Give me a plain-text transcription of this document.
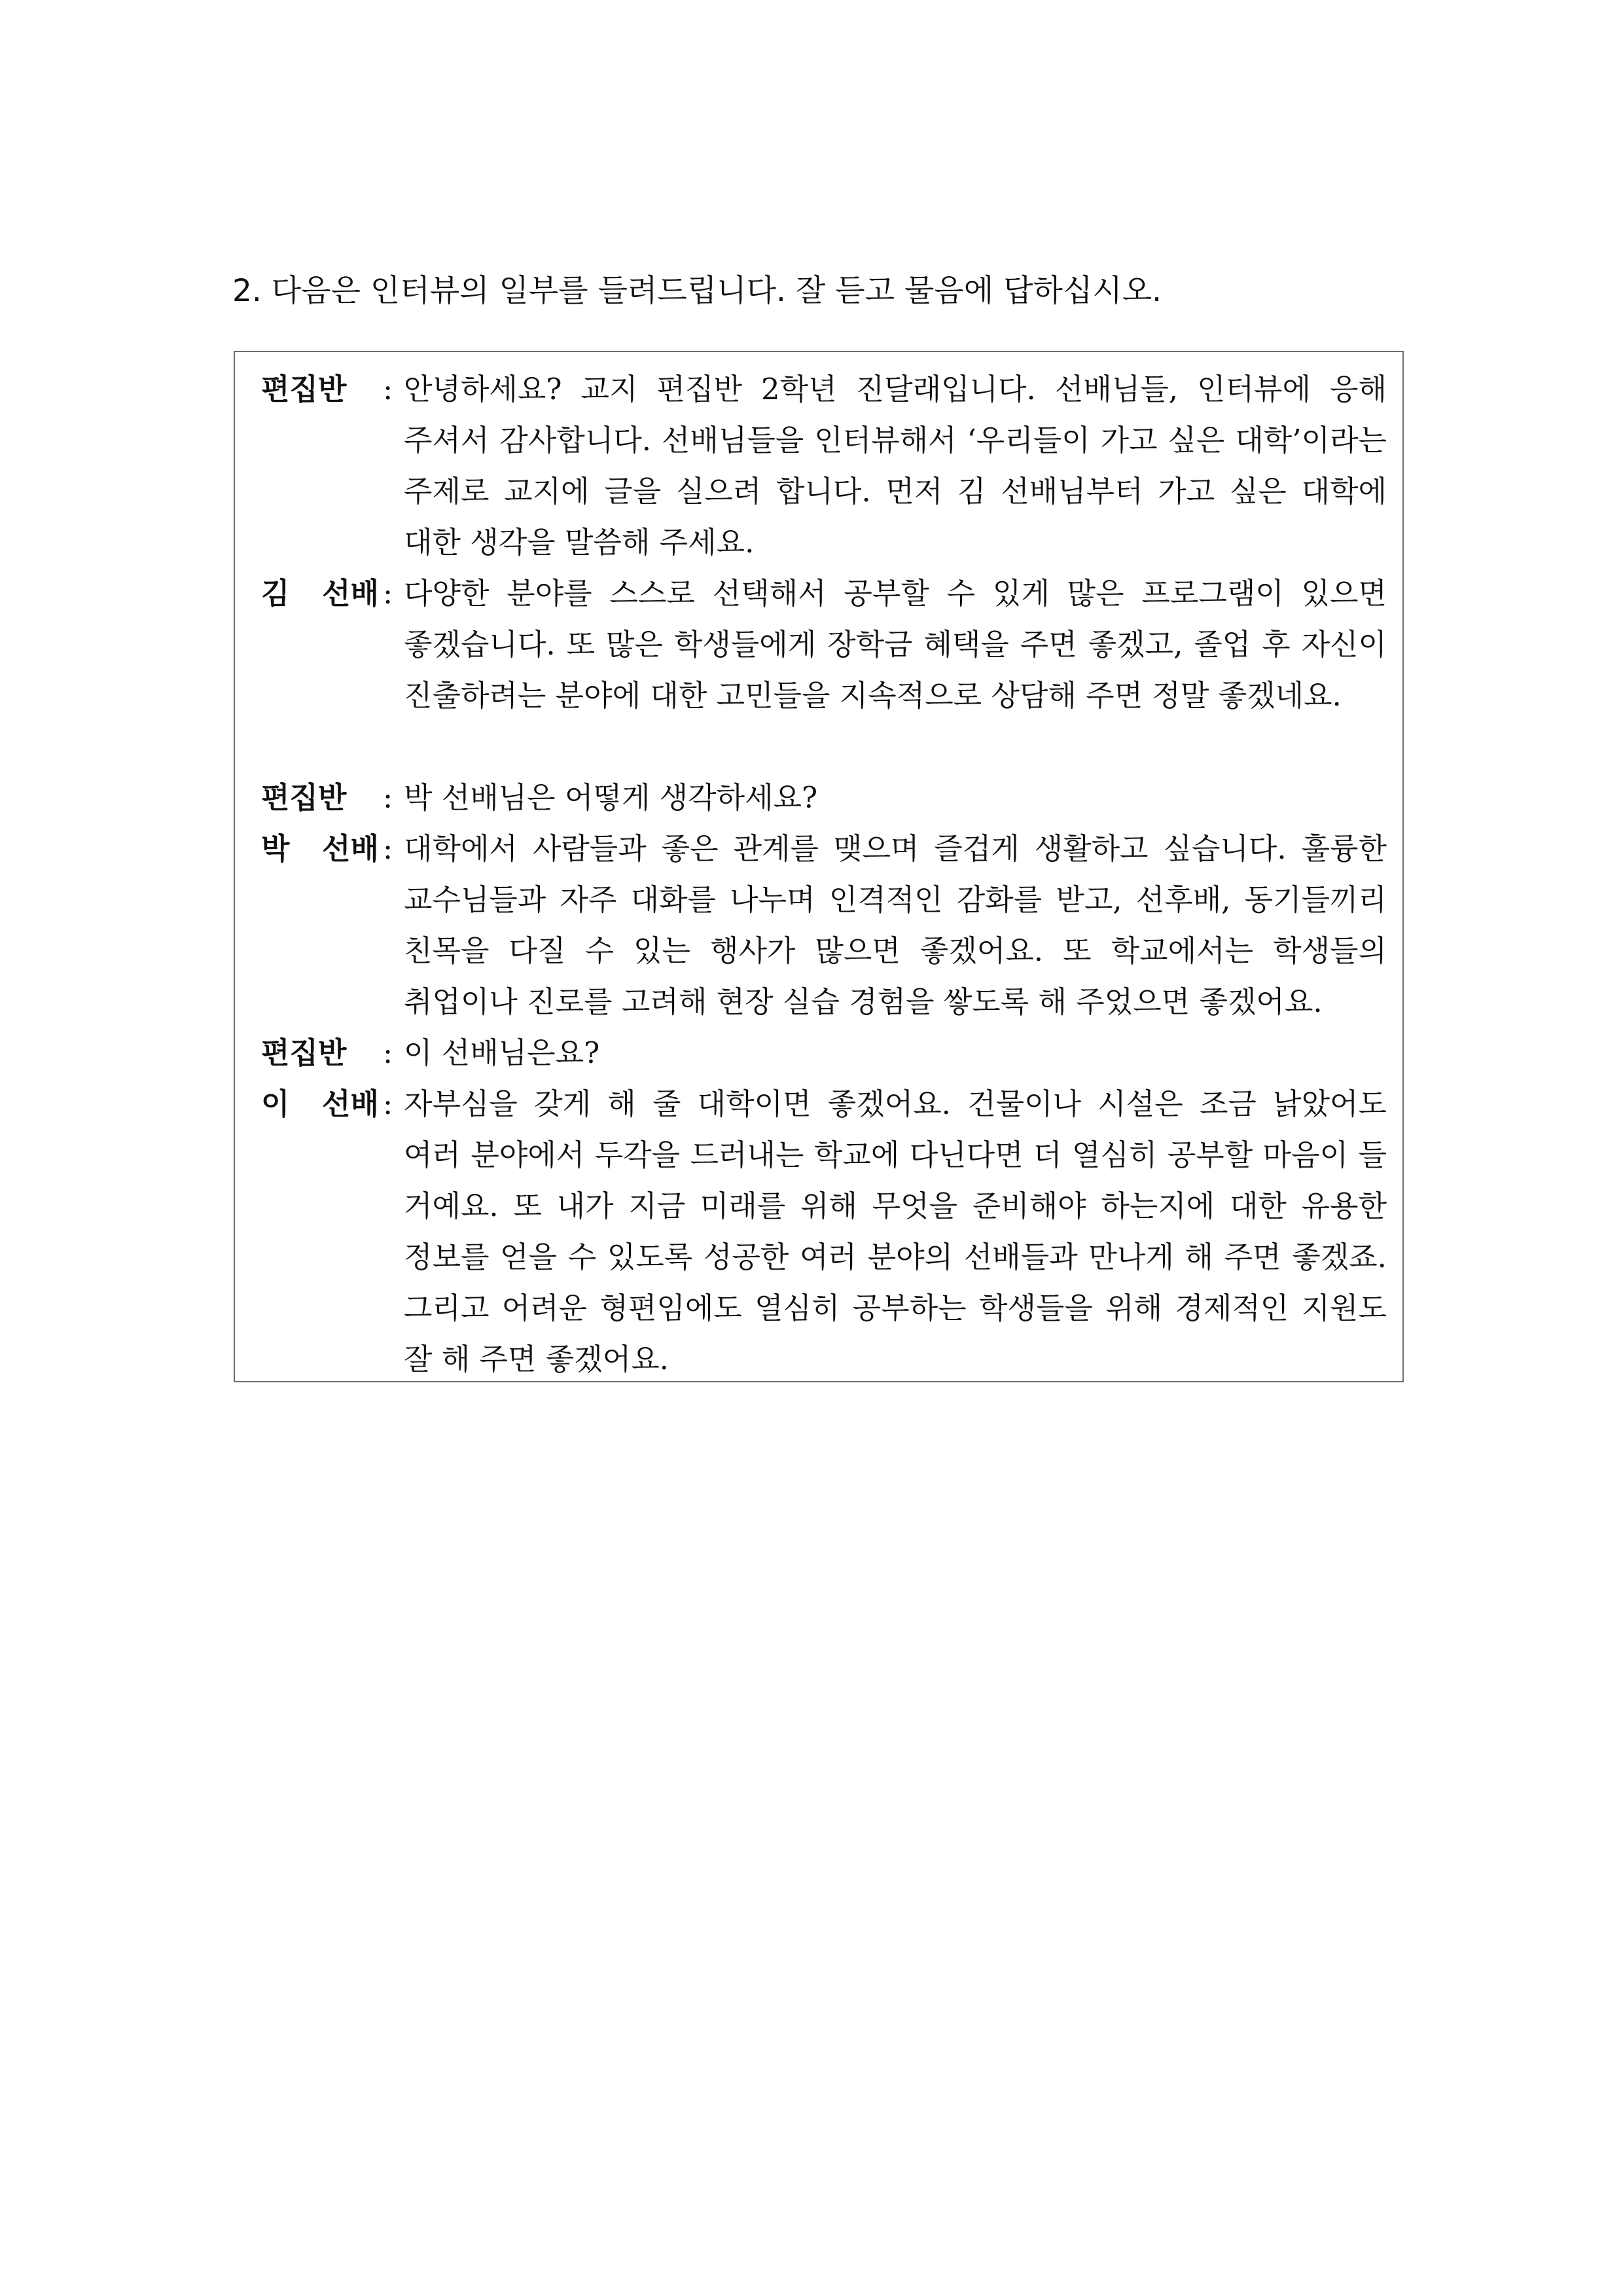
2. 다음은 인터뷰의 일부를 들려드립니다. 잘 듣고 물음에 답하십시오.
편집반	: 안녕하세요? 교지 편집반 2학년 진달래입니다. 선배님들, 인터뷰에 응해 주셔서 감사합니다. 선배님들을 인터뷰해서 ‘우리들이 가고 싶은 대학’이라는 주제로 교지에 글을 실으려 합니다. 먼저 김 선배님부터 가고 싶은 대학에 대한 생각을 말씀해 주세요.
김 선배 : 다양한 분야를 스스로 선택해서 공부할 수 있게 많은 프로그램이 있으면 좋겠습니다. 또 많은 학생들에게 장학금 혜택을 주면 좋겠고, 졸업 후 자신이 진출하려는 분야에 대한 고민들을 지속적으로 상담해 주면 정말 좋겠네요.
편집반	: 박 선배님은 어떻게 생각하세요?
박 선배 : 대학에서 사람들과 좋은 관계를 맺으며 즐겁게 생활하고 싶습니다. 훌륭한 교수님들과 자주 대화를 나누며 인격적인 감화를 받고, 선후배, 동기들끼리 친목을 다질 수 있는 행사가 많으면 좋겠어요. 또 학교에서는 학생들의 취업이나 진로를 고려해 현장 실습 경험을 쌓도록 해 주었으면 좋겠어요.
편집반	: 이 선배님은요?
이 선배 : 자부심을 갖게 해 줄 대학이면 좋겠어요. 건물이나 시설은 조금 낡았어도 여러 분야에서 두각을 드러내는 학교에 다닌다면 더 열심히 공부할 마음이 들 거예요. 또 내가 지금 미래를 위해 무엇을 준비해야 하는지에 대한 유용한 정보를 얻을 수 있도록 성공한 여러 분야의 선배들과 만나게 해 주면 좋겠죠. 그리고 어려운 형편임에도 열심히 공부하는 학생들을 위해 경제적인 지원도 잘 해 주면 좋겠어요.
